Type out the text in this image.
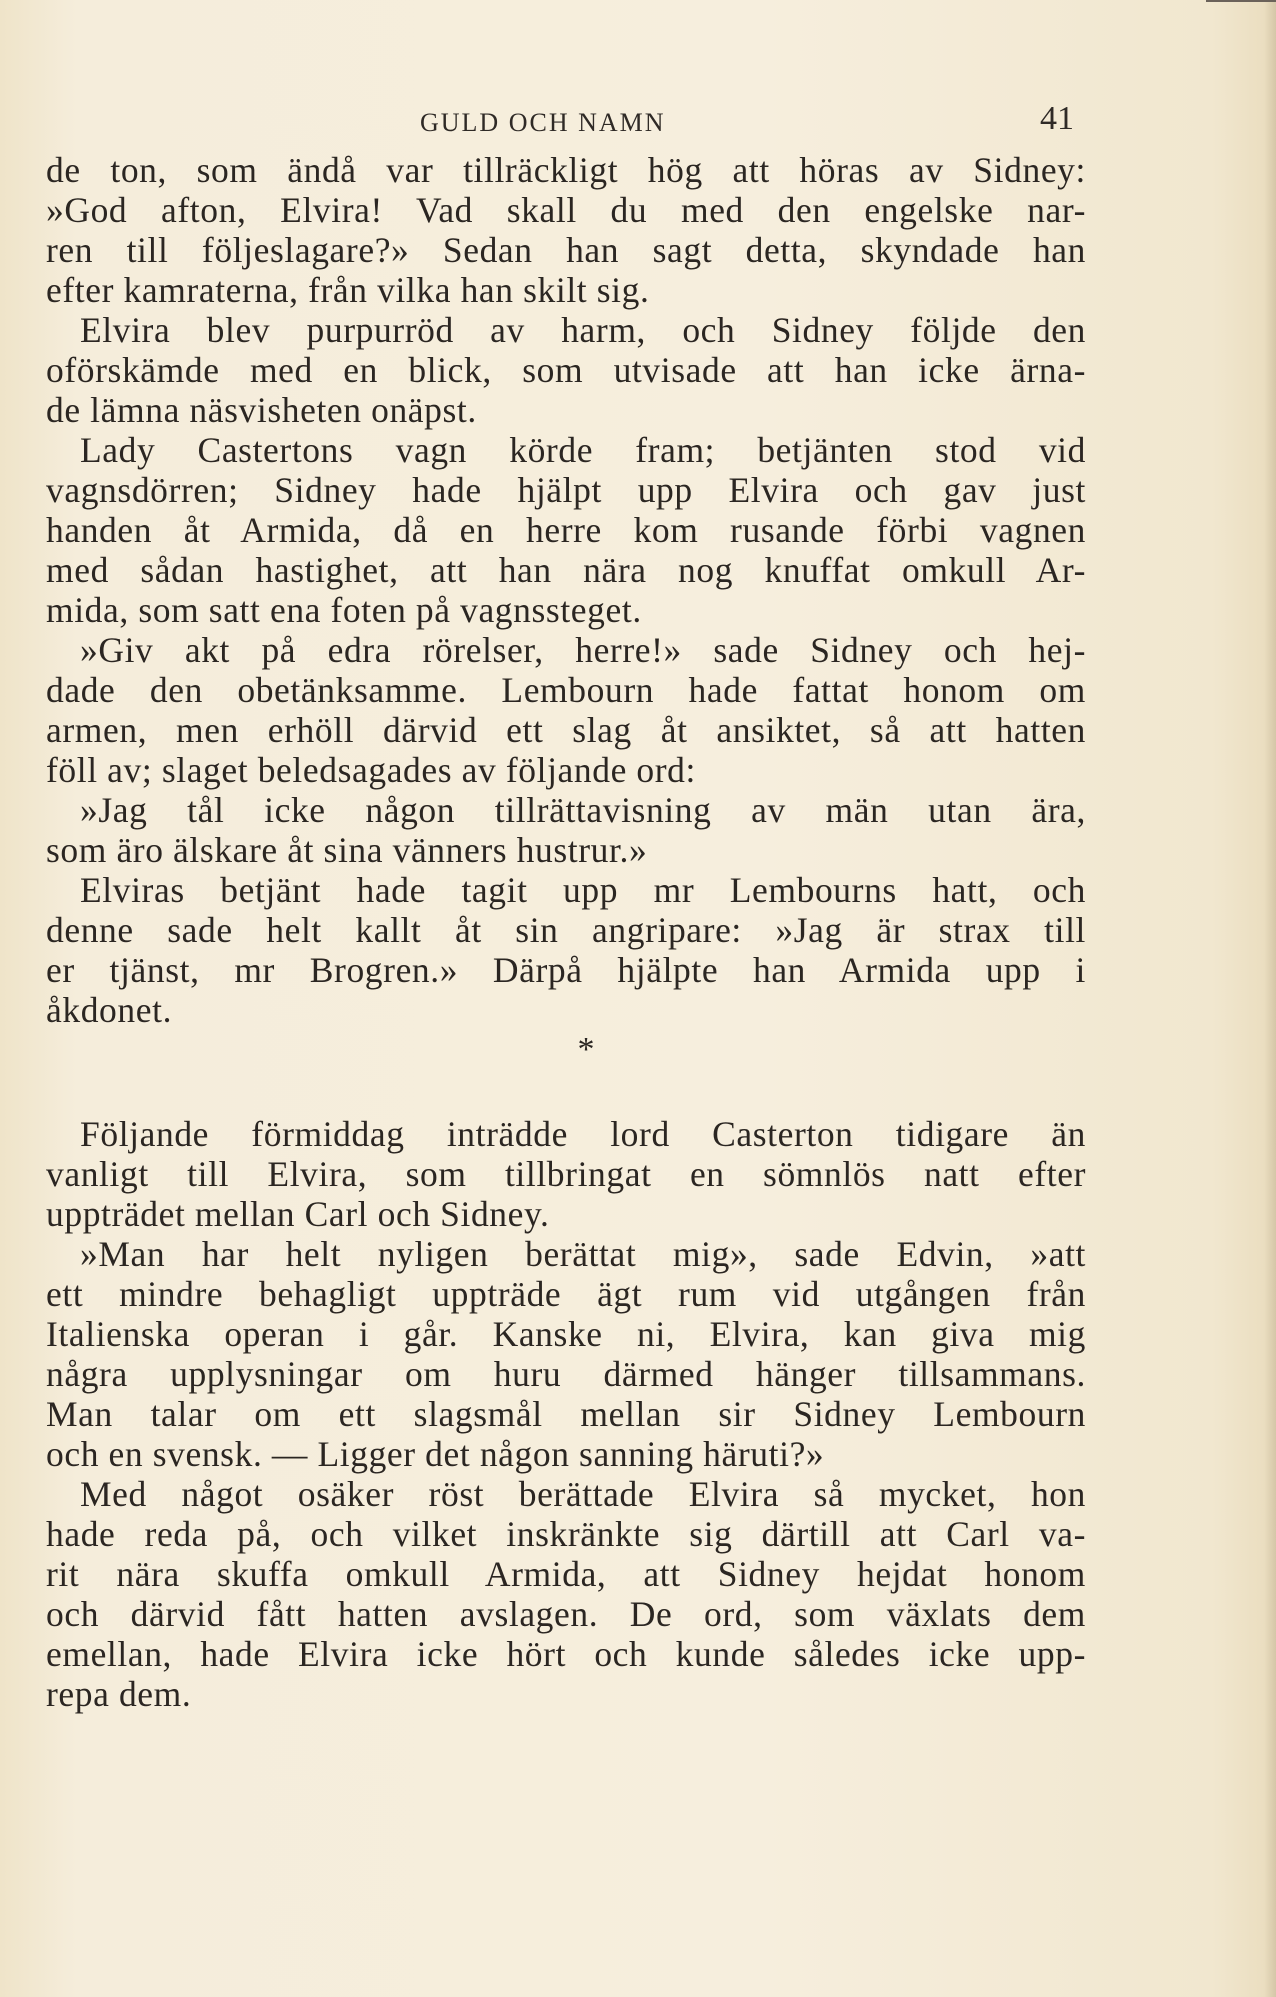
GULD OCH NAMN	41
de ton, som ändå var tillräckligt hög att höras av Sidney:
»God afton, Elvira! Vad skall du med den engelske nar-
ren till följeslagare?» Sedan han sagt detta, skyndade han
efter kamraterna, från vilka han skilt sig.
Elvira blev purpurröd av harm, och Sidney följde den
oförskämde med en blick, som utvisade att han icke ärna-
de lämna näsvisheten onäpst.
Lady Castertons vagn körde fram; betjänten stod vid
vagnsdörren; Sidney hade hjälpt upp Elvira och gav just
handen åt Armida, då en herre kom rusande förbi vagnen
med sådan hastighet, att han nära nog knuffat omkull Ar-
mida, som satt ena foten på vagnssteget.
»Giv akt på edra rörelser, herre!» sade Sidney och hej-
dade den obetänksamme. Lembourn hade fattat honom om
armen, men erhöll därvid ett slag åt ansiktet, så att hatten
föll av; slaget beledsagades av följande ord:
»Jag tål icke någon tillrättavisning av män utan ära,
som äro älskare åt sina vänners hustrur.»
Elviras betjänt hade tagit upp mr Lembourns hatt, och
denne sade helt kallt åt sin angripare: »Jag är strax till
er tjänst, mr Brogren.» Därpå hjälpte han Armida upp i
åkdonet.
*
Följande förmiddag inträdde lord Casterton tidigare än
vanligt till Elvira, som tillbringat en sömnlös natt efter
uppträdet mellan Carl och Sidney.
»Man har helt nyligen berättat mig», sade Edvin, »att
ett mindre behagligt uppträde ägt rum vid utgången från
Italienska operan i går. Kanske ni, Elvira, kan giva mig
några upplysningar om huru därmed hänger tillsammans.
Man talar om ett slagsmål mellan sir Sidney Lembourn
och en svensk. — Ligger det någon sanning häruti?»
Med något osäker röst berättade Elvira så mycket, hon
hade reda på, och vilket inskränkte sig därtill att Carl va-
rit nära skuffa omkull Armida, att Sidney hejdat honom
och därvid fått hatten avslagen. De ord, som växlats dem
emellan, hade Elvira icke hört och kunde således icke upp-
repa dem.
